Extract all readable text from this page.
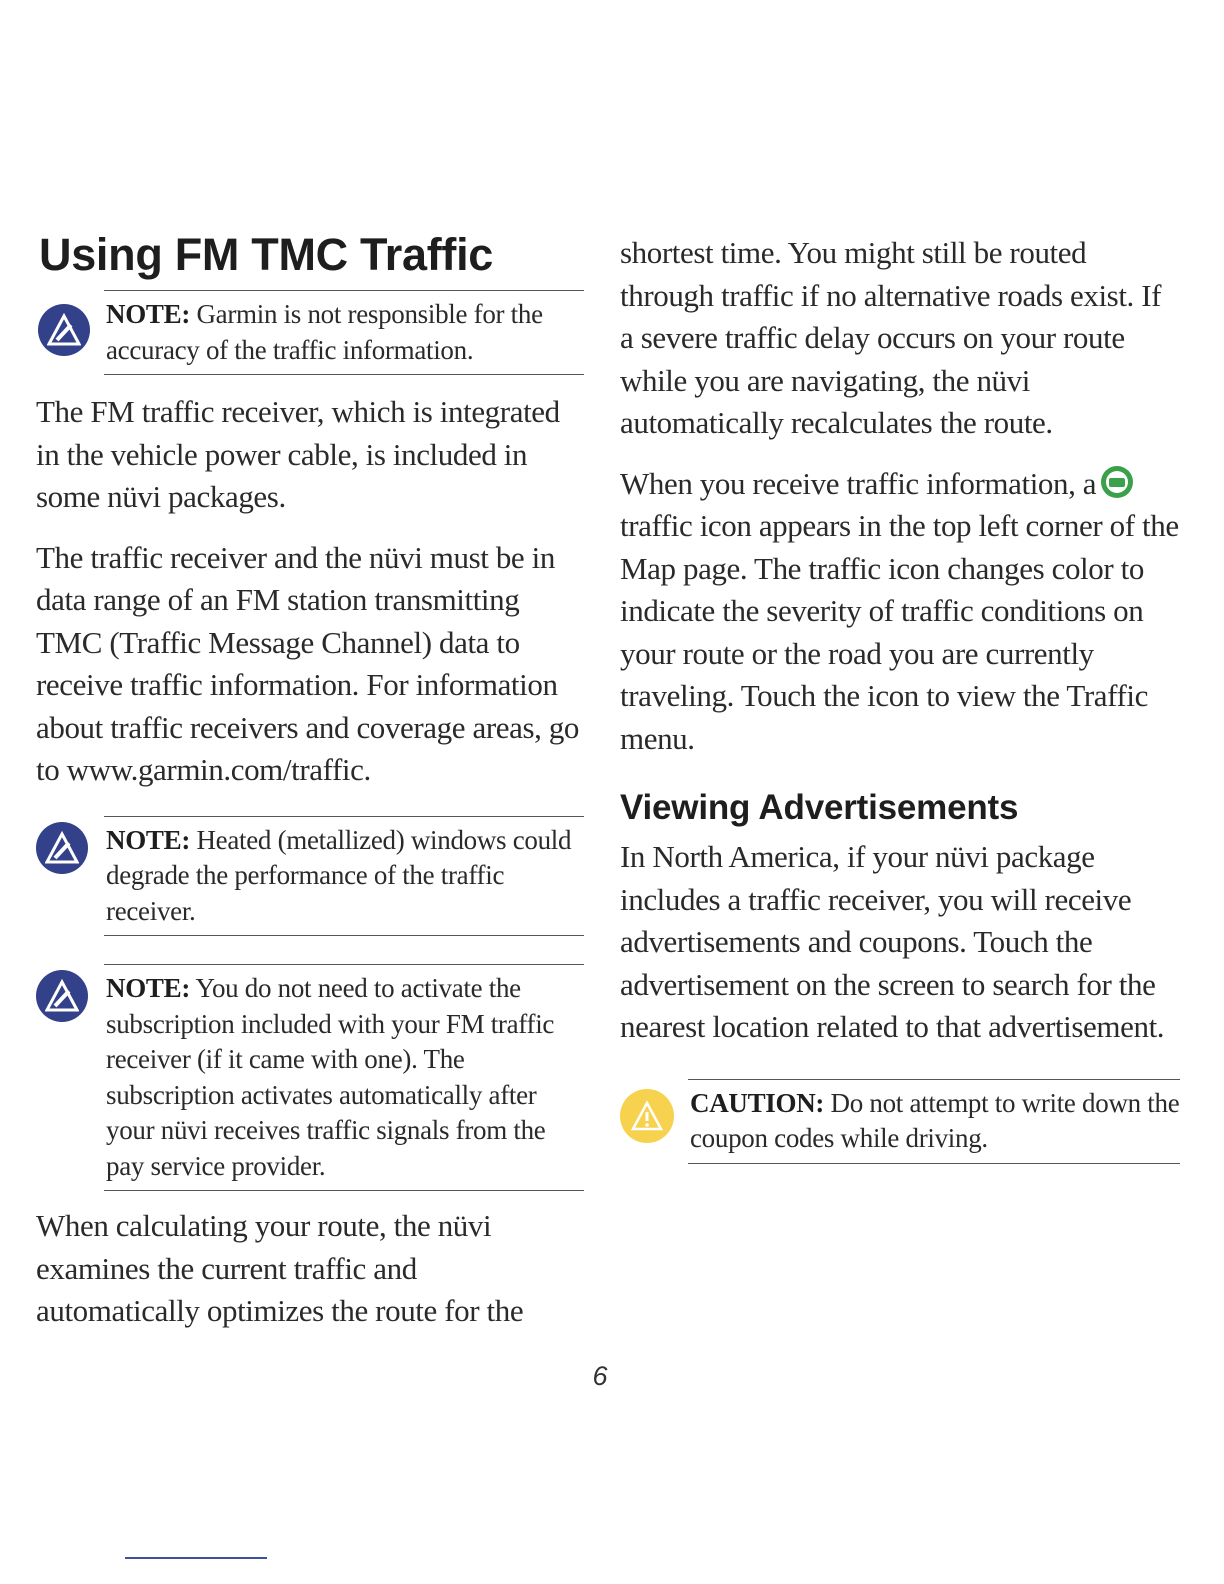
Using FM TMC Traffic
NOTE: Garmin is not responsible for the accuracy of the traffic information.

The FM traffic receiver, which is integrated in the vehicle power cable, is included in some nüvi packages.

The traffic receiver and the nüvi must be in data range of an FM station transmitting TMC (Traffic Message Channel) data to receive traffic information. For information about traffic receivers and coverage areas, go to www.garmin.com/traffic.

NOTE: Heated (metallized) windows could degrade the performance of the traffic receiver.
NOTE: You do not need to activate the subscription included with your FM traffic receiver (if it came with one). The subscription activates automatically after your nüvi receives traffic signals from the pay service provider.

When calculating your route, the nüvi examines the current traffic and automatically optimizes the route for the

shortest time. You might still be routed through traffic if no alternative roads exist. If a severe traffic delay occurs on your route while you are navigating, the nüvi automatically recalculates the route.

When you receive traffic information, a traffic icon appears in the top left corner of the Map page. The traffic icon changes color to indicate the severity of traffic conditions on your route or the road you are currently traveling. Touch the icon to view the Traffic menu.

Viewing Advertisements

In North America, if your nüvi package includes a traffic receiver, you will receive advertisements and coupons. Touch the advertisement on the screen to search for the nearest location related to that advertisement.

CAUTION: Do not attempt to write down the coupon codes while driving.
6
